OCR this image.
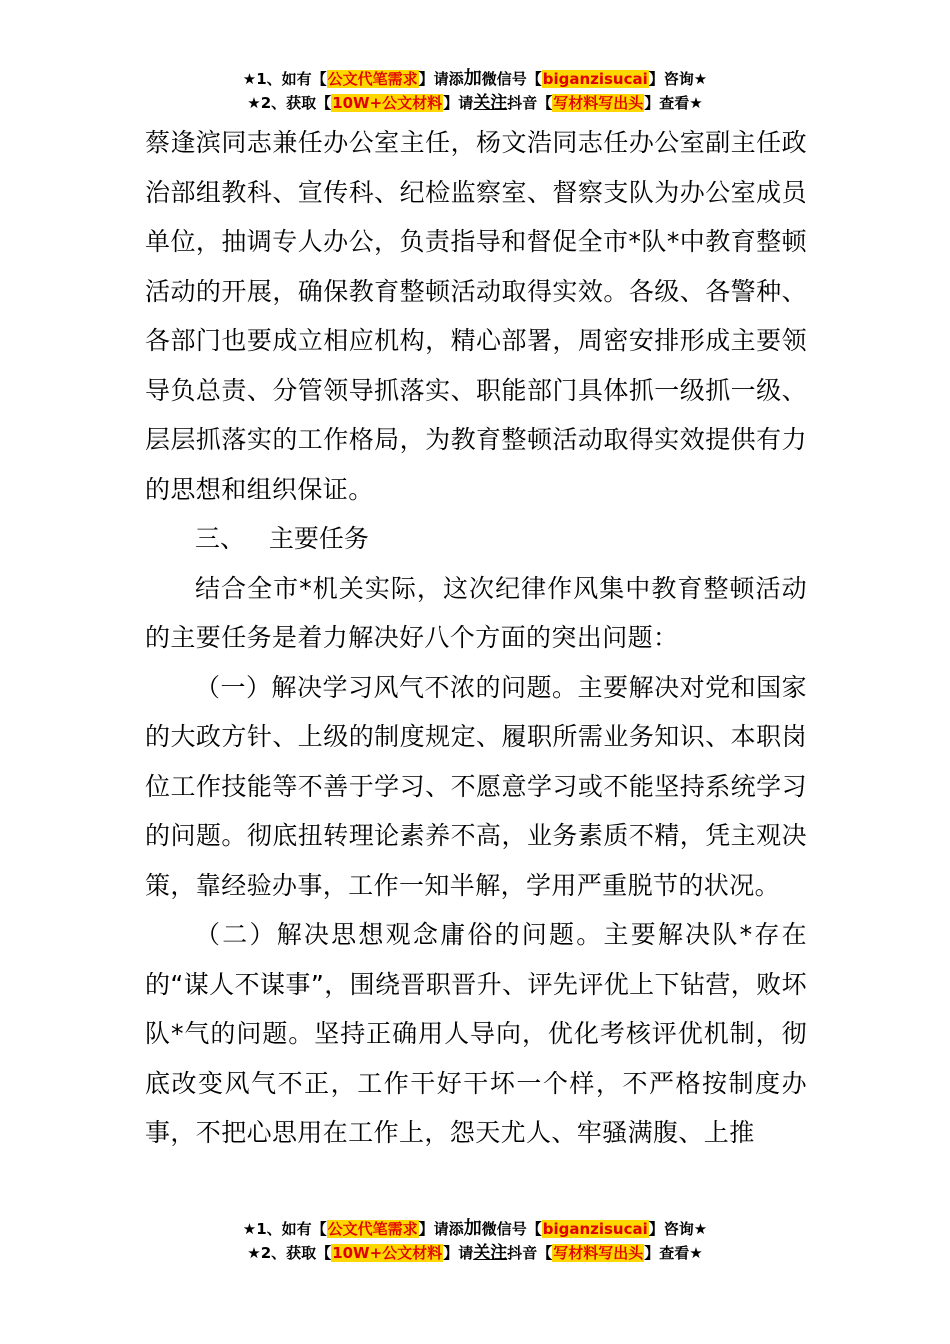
★1、如有【公文代笔需求】请添加微信号【biganzisucai】咨询★
★2、获取【10W+公文材料】请关注抖音【写材料写出头】查看★

蔡逢滨同志兼任办公室主任，杨文浩同志任办公室副主任政治部组教科、宣传科、纪检监察室、督察支队为办公室成员单位，抽调专人办公，负责指导和督促全市*队*中教育整顿活动的开展，确保教育整顿活动取得实效。各级、各警种、各部门也要成立相应机构，精心部署，周密安排形成主要领导负总责、分管领导抓落实、职能部门具体抓一级抓一级、层层抓落实的工作格局，为教育整顿活动取得实效提供有力的思想和组织保证。

三、   主要任务

结合全市*机关实际，这次纪律作风集中教育整顿活动的主要任务是着力解决好八个方面的突出问题：

（一）解决学习风气不浓的问题。主要解决对党和国家的大政方针、上级的制度规定、履职所需业务知识、本职岗位工作技能等不善于学习、不愿意学习或不能坚持系统学习的问题。彻底扭转理论素养不高，业务素质不精，凭主观决策，靠经验办事，工作一知半解，学用严重脱节的状况。

（二）解决思想观念庸俗的问题。主要解决队*存在的“谋人不谋事”，围绕晋职晋升、评先评优上下钻营，败坏队*气的问题。坚持正确用人导向，优化考核评优机制，彻底改变风气不正，工作干好干坏一个样，不严格按制度办事，不把心思用在工作上，怨天尤人、牢骚满腹、上推

★1、如有【公文代笔需求】请添加微信号【biganzisucai】咨询★
★2、获取【10W+公文材料】请关注抖音【写材料写出头】查看★
